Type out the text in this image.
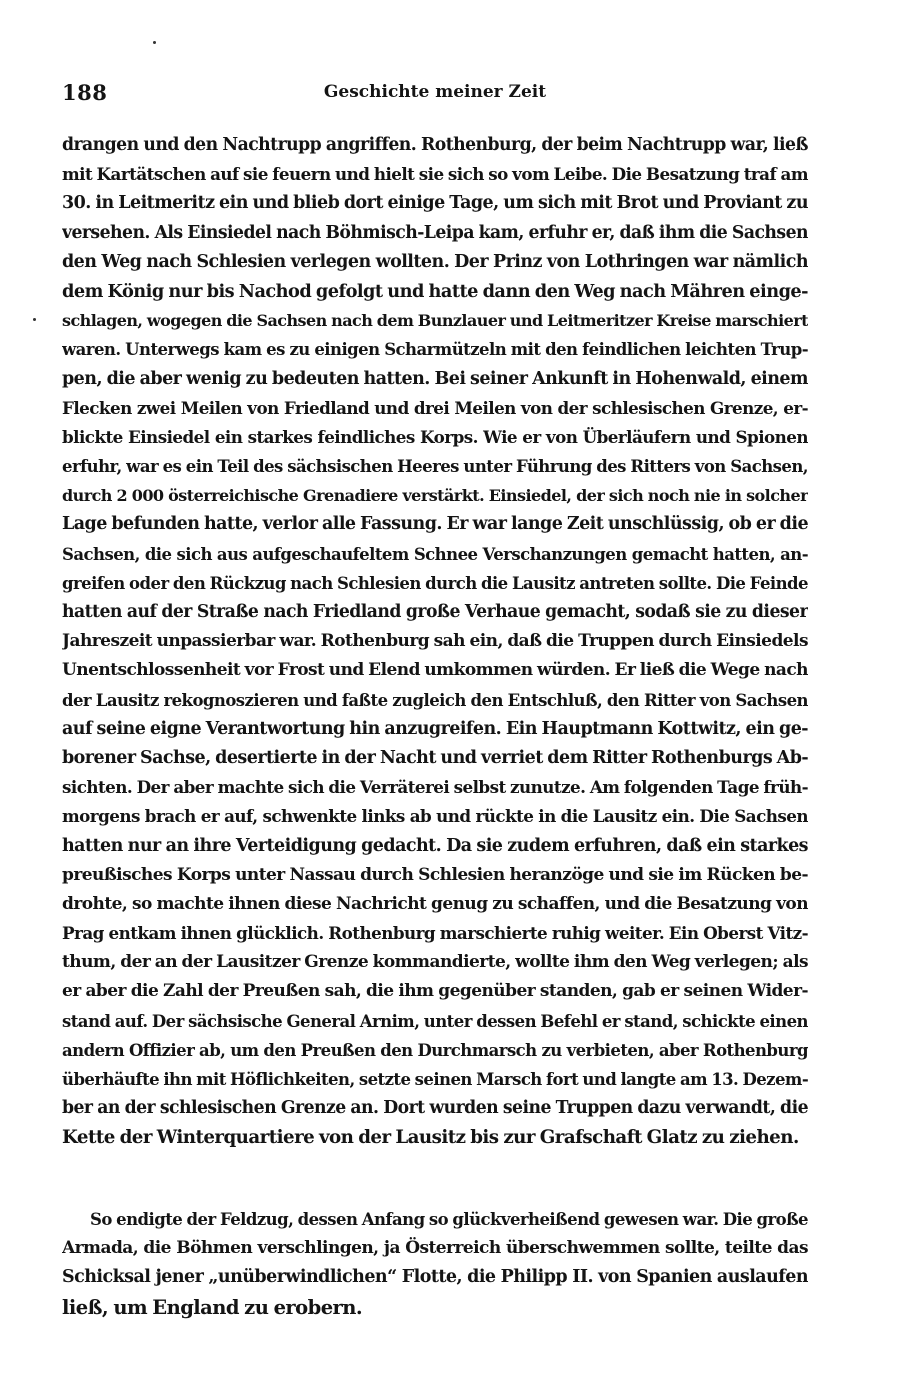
188	Geschichte meiner Zeit
drangen und den Nachtrupp angriffen. Rothenburg, der beim Nachtrupp war, ließ
mit Kartätschen auf sie feuern und hielt sie sich so vom Leibe. Die Besatzung traf am
30. in Leitmeritz ein und blieb dort einige Tage, um sich mit Brot und Proviant zu
versehen. Als Einsiedel nach Böhmisch-Leipa kam, erfuhr er, daß ihm die Sachsen
den Weg nach Schlesien verlegen wollten. Der Prinz von Lothringen war nämlich
dem König nur bis Nachod gefolgt und hatte dann den Weg nach Mähren einge-
schlagen, wogegen die Sachsen nach dem Bunzlauer und Leitmeritzer Kreise marschiert
waren. Unterwegs kam es zu einigen Scharmützeln mit den feindlichen leichten Trup-
pen, die aber wenig zu bedeuten hatten. Bei seiner Ankunft in Hohenwald, einem
Flecken zwei Meilen von Friedland und drei Meilen von der schlesischen Grenze, er-
blickte Einsiedel ein starkes feindliches Korps. Wie er von Überläufern und Spionen
erfuhr, war es ein Teil des sächsischen Heeres unter Führung des Ritters von Sachsen,
durch 2 000 österreichische Grenadiere verstärkt. Einsiedel, der sich noch nie in solcher
Lage befunden hatte, verlor alle Fassung. Er war lange Zeit unschlüssig, ob er die
Sachsen, die sich aus aufgeschaufeltem Schnee Verschanzungen gemacht hatten, an-
greifen oder den Rückzug nach Schlesien durch die Lausitz antreten sollte. Die Feinde
hatten auf der Straße nach Friedland große Verhaue gemacht, sodaß sie zu dieser
Jahreszeit unpassierbar war. Rothenburg sah ein, daß die Truppen durch Einsiedels
Unentschlossenheit vor Frost und Elend umkommen würden. Er ließ die Wege nach
der Lausitz rekognoszieren und faßte zugleich den Entschluß, den Ritter von Sachsen
auf seine eigne Verantwortung hin anzugreifen. Ein Hauptmann Kottwitz, ein ge-
borener Sachse, desertierte in der Nacht und verriet dem Ritter Rothenburgs Ab-
sichten. Der aber machte sich die Verräterei selbst zunutze. Am folgenden Tage früh-
morgens brach er auf, schwenkte links ab und rückte in die Lausitz ein. Die Sachsen
hatten nur an ihre Verteidigung gedacht. Da sie zudem erfuhren, daß ein starkes
preußisches Korps unter Nassau durch Schlesien heranzöge und sie im Rücken be-
drohte, so machte ihnen diese Nachricht genug zu schaffen, und die Besatzung von
Prag entkam ihnen glücklich. Rothenburg marschierte ruhig weiter. Ein Oberst Vitz-
thum, der an der Lausitzer Grenze kommandierte, wollte ihm den Weg verlegen; als
er aber die Zahl der Preußen sah, die ihm gegenüber standen, gab er seinen Wider-
stand auf. Der sächsische General Arnim, unter dessen Befehl er stand, schickte einen
andern Offizier ab, um den Preußen den Durchmarsch zu verbieten, aber Rothenburg
überhäufte ihn mit Höflichkeiten, setzte seinen Marsch fort und langte am 13. Dezem-
ber an der schlesischen Grenze an. Dort wurden seine Truppen dazu verwandt, die
Kette der Winterquartiere von der Lausitz bis zur Grafschaft Glatz zu ziehen.
So endigte der Feldzug, dessen Anfang so glückverheißend gewesen war. Die große
Armada, die Böhmen verschlingen, ja Österreich überschwemmen sollte, teilte das
Schicksal jener „unüberwindlichen“ Flotte, die Philipp II. von Spanien auslaufen
ließ, um England zu erobern.
